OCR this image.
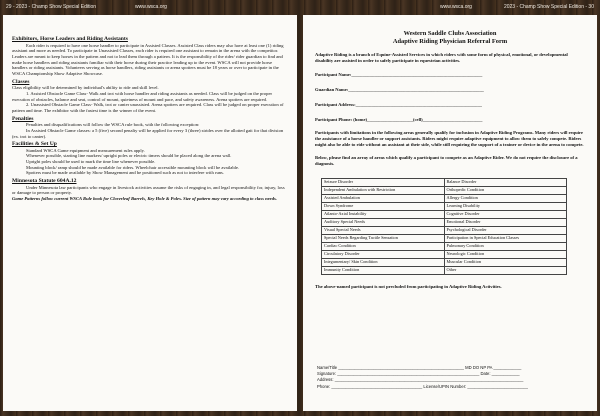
29 - 2023 - Champ Show Special Edition	www.wsca.org	www.wsca.org	2023 - Champ Show Special Edition - 30

Exhibitors, Horse Leaders and Riding Assistants

Each rider is required to have one horse handler to participate in Assisted Classes. Assisted Class riders may also have at least one (1) riding assistant and more as needed. To participate in Unassisted Classes, each rider is required one assistant to remain in the arena with the competitor. Leaders are meant to keep horses in the pattern and not to lead them through a pattern. It is the responsibility of the rider/ rider guardian to find and make horse handlers and riding assistants familiar with their horse during their practice leading up to the event. WSCA will not provide horse handlers or riding assistants. Volunteers serving as horse handlers, riding assistants or arena spotters must be 18 years or over to participate in the WSCA Championship Show Adaptive Showcase.

Classes

Class eligibility will be determined by individual's ability to ride and skill level.

1. Assisted Obstacle Game Class- Walk and trot with horse handler and riding assistants as needed. Class will be judged on the proper execution of obstacles, balance and seat, control of mount, quietness of mount and pace, and safety awareness. Arena spotters are required.

2. Unassisted Obstacle Game Class- Walk, trot or canter unassisted. Arena spotters are required. Class will be judged on proper execution of pattern and time. The exhibitor with the fastest time is the winner of the event.

Penalties

Penalties and disqualifications will follow the WSCA rule book, with the following exception:

In Assisted Obstacle Game classes: a 5 (five) second penalty will be applied for every 3 (three) strides over the allotted gait for that division (ex. trot to canter).

Facilities & Set Up

Standard WSCA Game equipment and measurement rules apply.

Whenever possible, starting line markers/ upright poles or electric timers should be placed along the arena wall.

Upright poles should be used to mark the time line whenever possible.

Mounting block/ ramp should be made available for riders. Wheelchair accessible mounting block will be available.

Spotters must be made available by Show Management and be positioned such as not to interfere with runs.

Minnesota Statute 604A.12

Under Minnesota law participants who engage in livestock activities assume the risks of engaging in, and legal responsibility for, injury, loss or damage to person or property.

Game Patterns follow current WSCA Rule book for Cloverleaf Barrels, Key Hole & Poles. Size of pattern may vary according to class needs.

Western Saddle Clubs Association
Adaptive Riding Physician Referral Form

Adaptive Riding is a branch of Equine-Assisted Services in which riders with some form of physical, emotional, or developmental disability are assisted in order to safely participate in equestrian activities.

Participant Name:_________________________________________________________
Guardian Name:___________________________________________________________
Participant Address:_______________________________________________________
Participant Phone: (home)____________________(cell)__________________________

Participants with limitations in the following areas generally qualify for inclusion in Adaptive Riding Programs. Many riders will require the assistance of a horse handler or support assistants. Riders might require adaptive equipment to allow them to safely compete. Riders might also be able to ride without an assistant at their side, while still requiring the support of a trainer or device in the arena to compete.

Below, please find an array of areas which qualify a participant to compete as an Adaptive Rider. We do not require the disclosure of a diagnosis.

Seizure Disorder	Balance Disorder
Independent Ambulation with Restriction	Orthopedic Condition
Assisted Ambulation	Allergy Condition
Down Syndrome	Learning Disability
Atlanto-Axial Instability	Cognitive Disorder
Auditory Special Needs	Emotional Disorder
Visual Special Needs	Psychological Disorder
Special Needs Regarding Tactile Sensation	Participation in Special Education Classes
Cardiac Condition	Pulmonary Condition
Circulatory Disorder	Neurologic Condition
Integumentary/ Skin Condition	Muscular Condition
Immunity Condition	Other

The above-named participant is not precluded from participating in Adaptive Riding Activities.

Name/Title ______________________________________________________ MD DO NP PA ____________
Signature: _____________________________________________________________ Date: ____________
Address: _________________________________________________________________________________
Phone: _______________________________________ License/UPIN Number: __________________________
